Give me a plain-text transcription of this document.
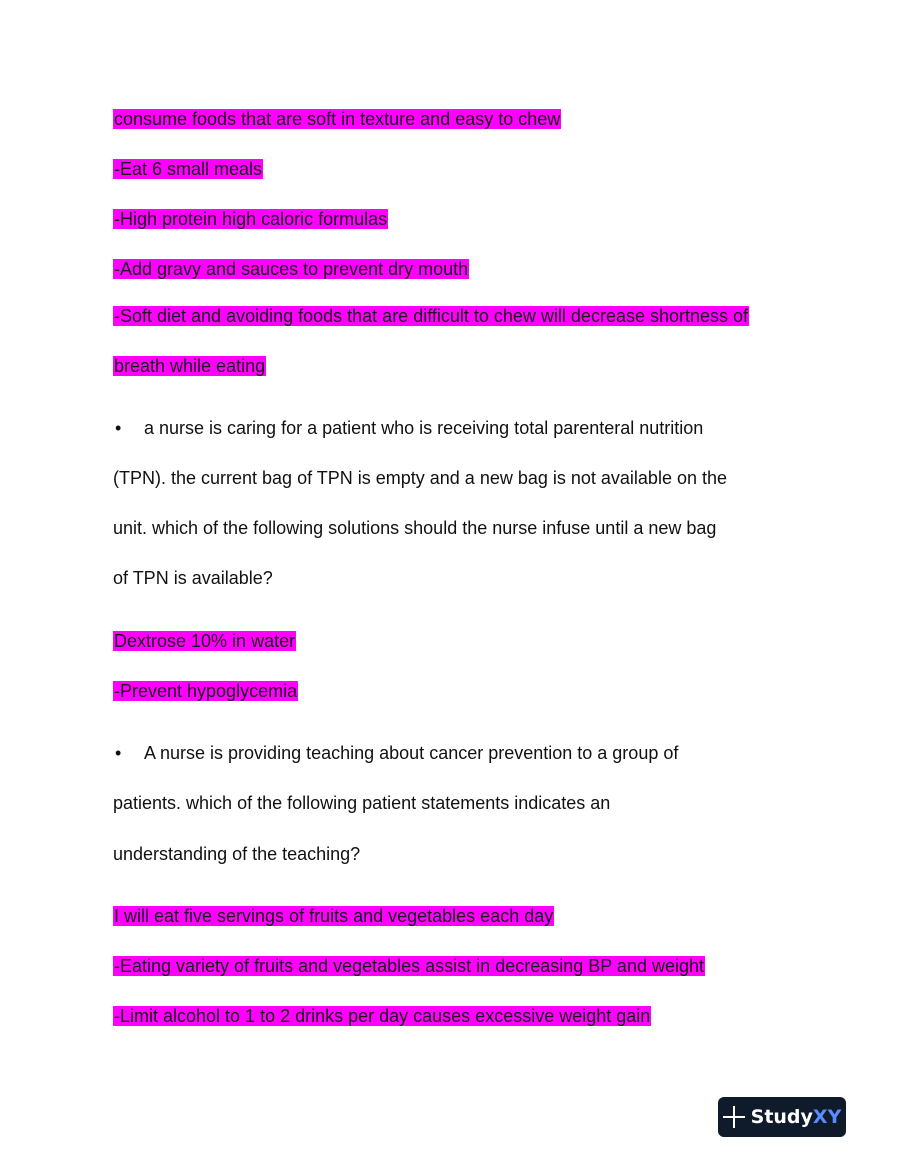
consume foods that are soft in texture and easy to chew
-Eat 6 small meals
-High protein high caloric formulas
-Add gravy and sauces to prevent dry mouth
-Soft diet and avoiding foods that are difficult to chew will decrease shortness of
breath while eating
• a nurse is caring for a patient who is receiving total parenteral nutrition
(TPN). the current bag of TPN is empty and a new bag is not available on the
unit. which of the following solutions should the nurse infuse until a new bag
of TPN is available?
Dextrose 10% in water
-Prevent hypoglycemia
• A nurse is providing teaching about cancer prevention to a group of
patients. which of the following patient statements indicates an
understanding of the teaching?
I will eat five servings of fruits and vegetables each day
-Eating variety of fruits and vegetables assist in decreasing BP and weight
-Limit alcohol to 1 to 2 drinks per day causes excessive weight gain
StudyXY
